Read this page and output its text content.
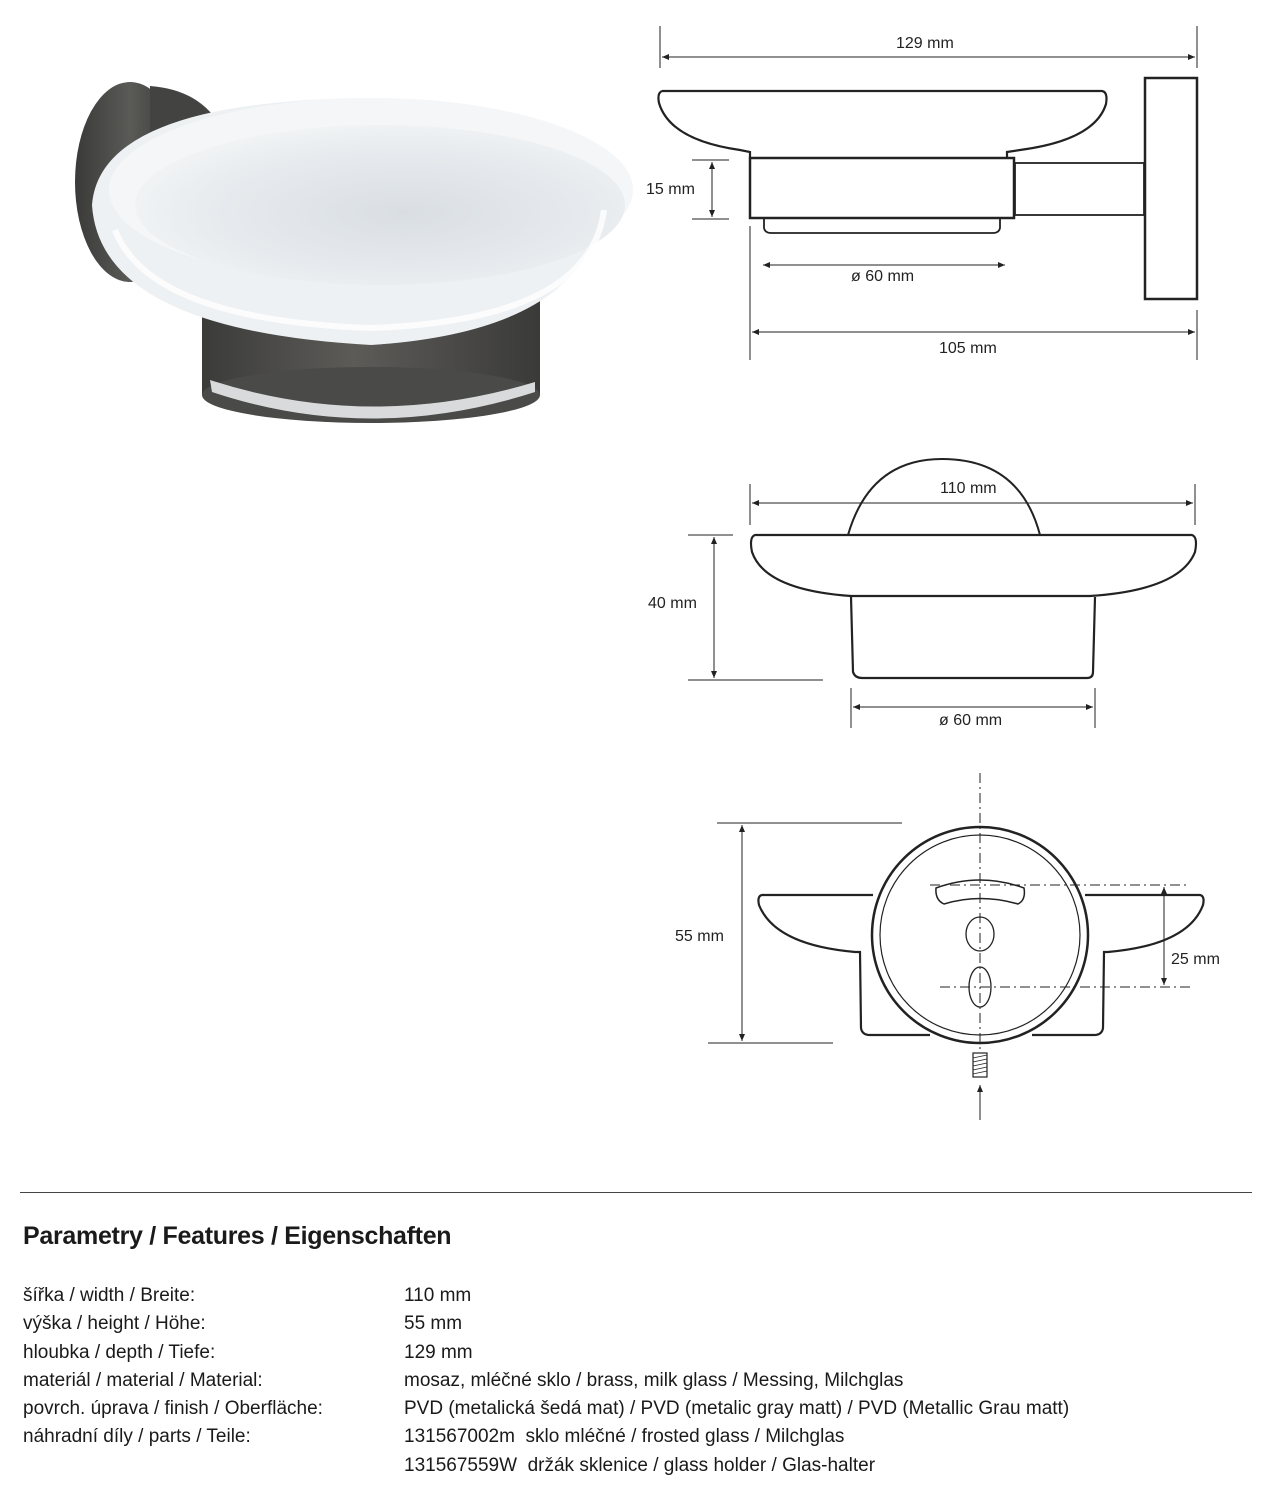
129 mm
15 mm
ø 60 mm
105 mm
110 mm
40 mm
ø 60 mm
55 mm
25 mm
Parametry / Features / Eigenschaften
šířka / width / Breite:	110 mm
výška / height / Höhe:	55 mm
hloubka / depth / Tiefe:	129 mm
materiál / material / Material:	mosaz, mléčné sklo / brass, milk glass / Messing, Milchglas
povrch. úprava / finish / Oberfläche:	PVD (metalická šedá mat) / PVD (metalic gray matt) / PVD (Metallic Grau matt)
náhradní díly / parts / Teile:	131567002m  sklo mléčné / frosted glass / Milchglas
131567559W  držák sklenice / glass holder / Glas-halter
